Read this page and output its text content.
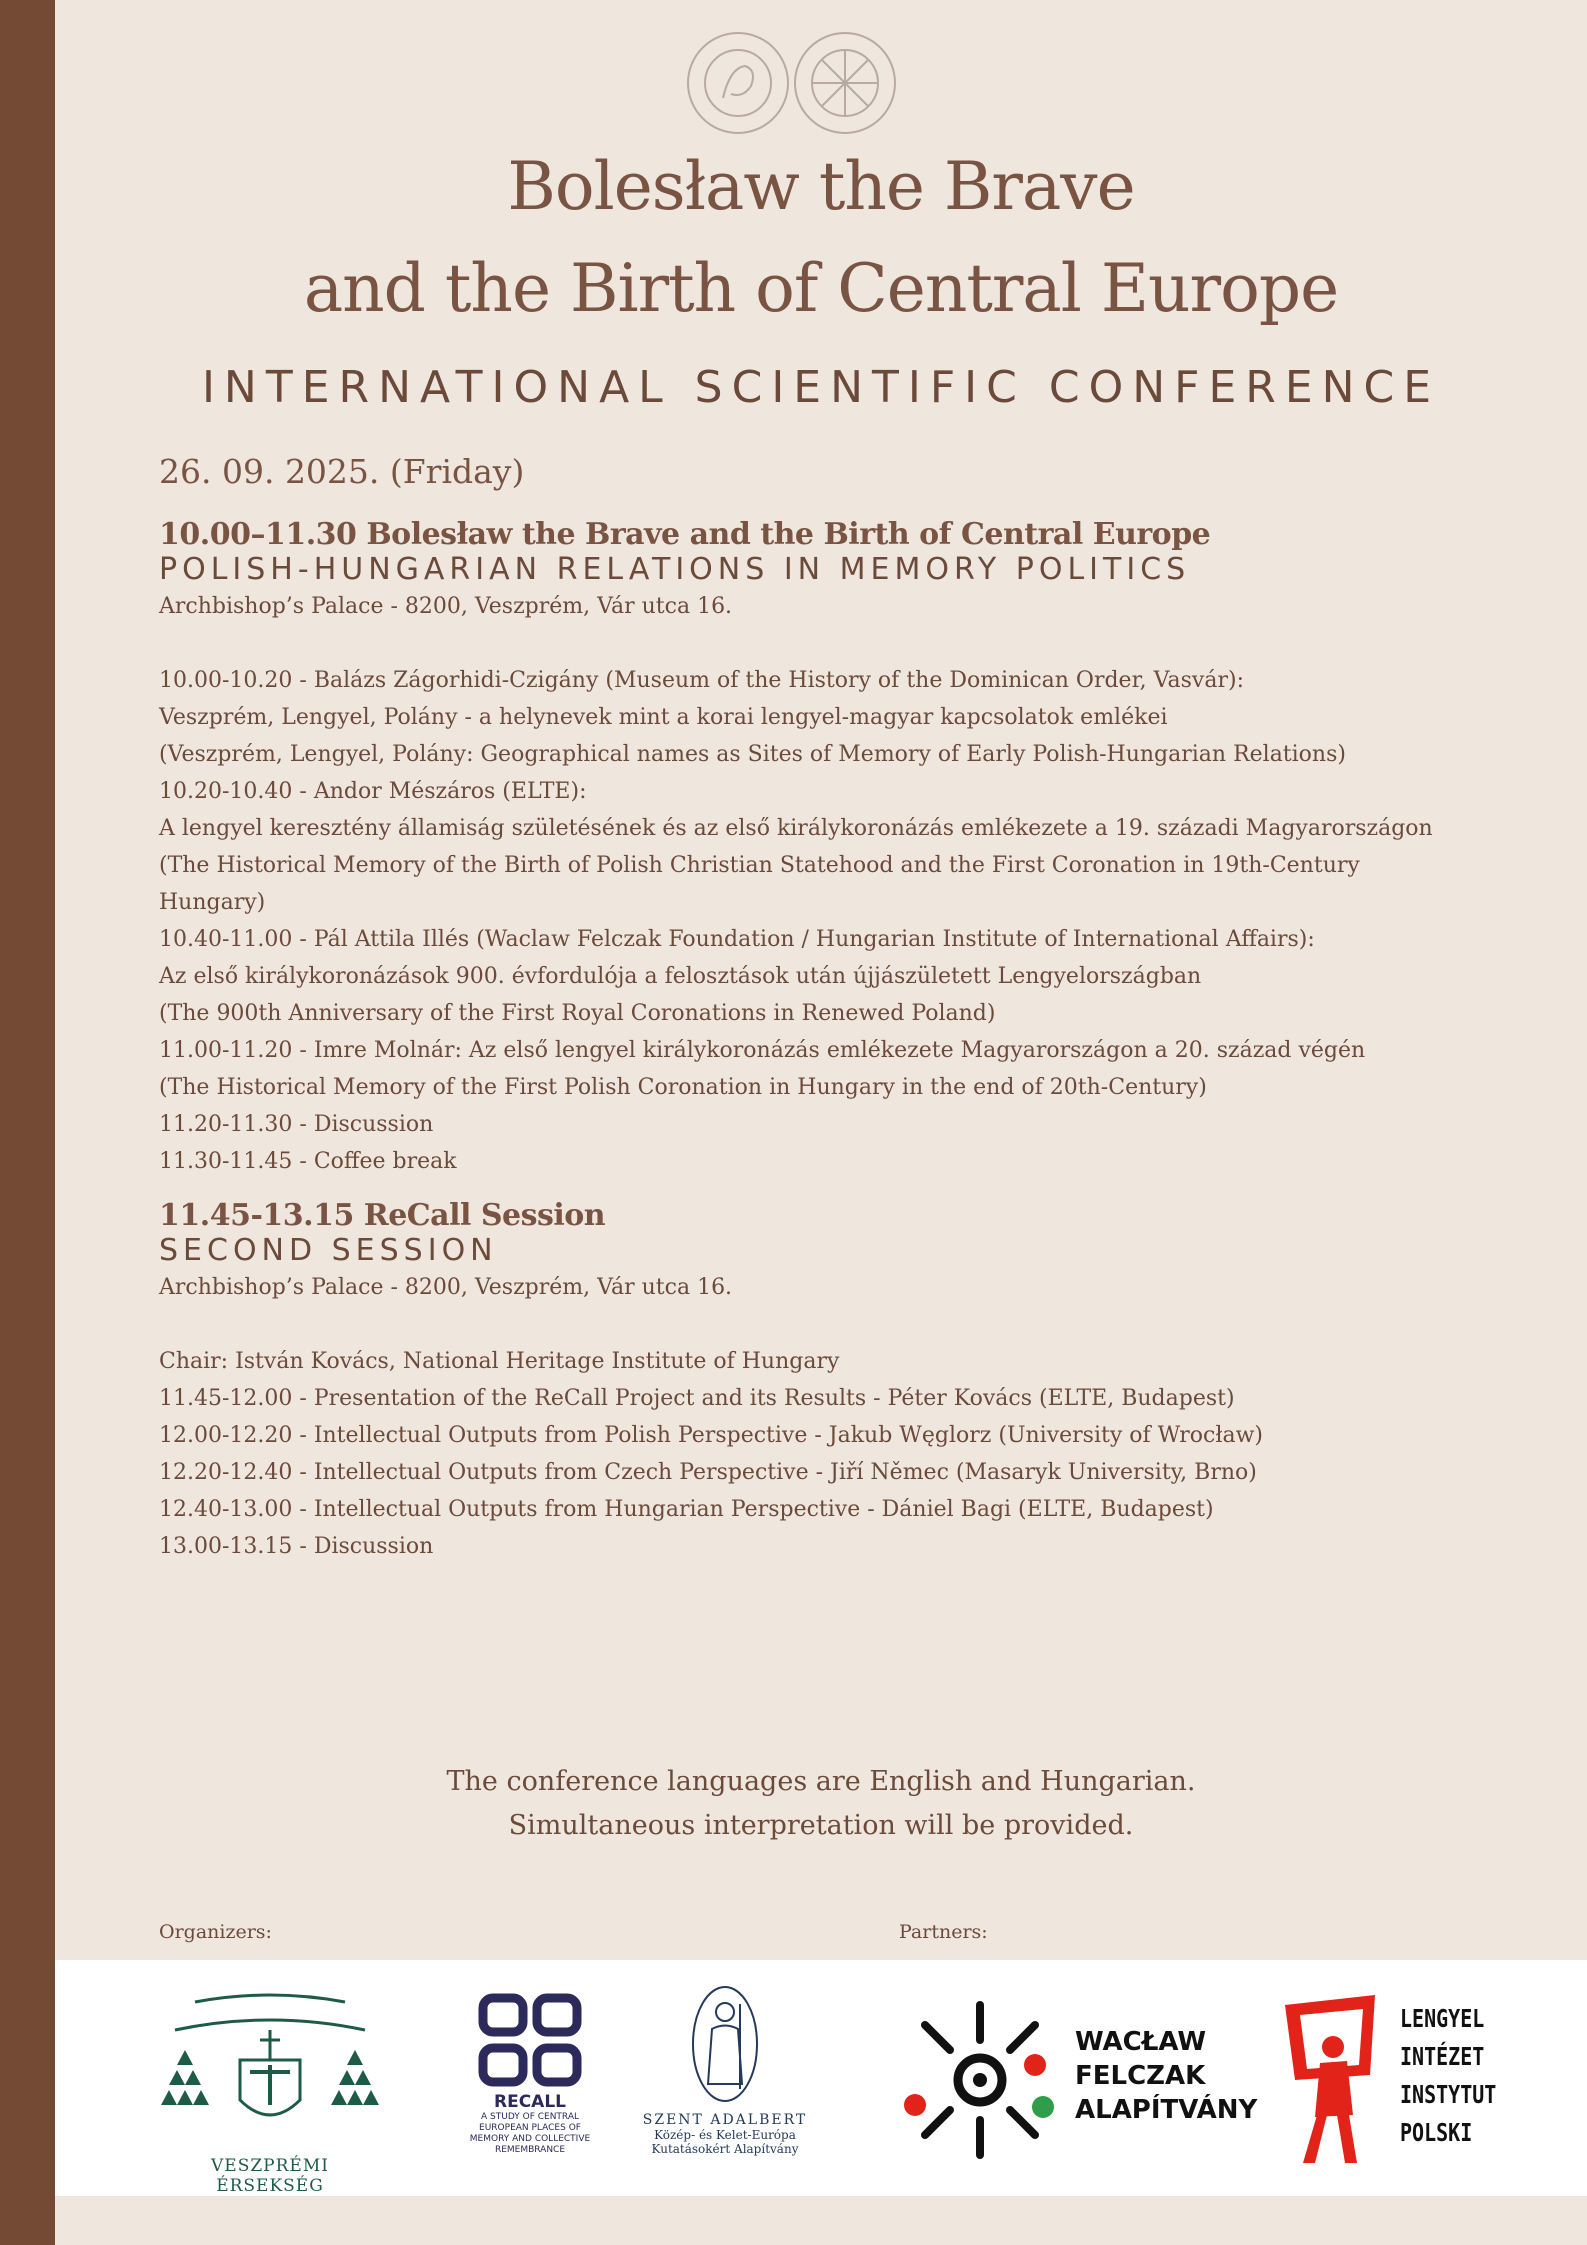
Bolesław the Brave
and the Birth of Central Europe
INTERNATIONAL SCIENTIFIC CONFERENCE
26. 09. 2025. (Friday)
10.00–11.30 Bolesław the Brave and the Birth of Central Europe
POLISH-HUNGARIAN RELATIONS IN MEMORY POLITICS
Archbishop’s Palace - 8200, Veszprém, Vár utca 16.
10.00-10.20 - Balázs Zágorhidi-Czigány (Museum of the History of the Dominican Order, Vasvár):
Veszprém, Lengyel, Polány - a helynevek mint a korai lengyel-magyar kapcsolatok emlékei
(Veszprém, Lengyel, Polány: Geographical names as Sites of Memory of Early Polish-Hungarian Relations)
10.20-10.40 - Andor Mészáros (ELTE):
A lengyel keresztény államiság születésének és az első királykoronázás emlékezete a 19. századi Magyarországon
(The Historical Memory of the Birth of Polish Christian Statehood and the First Coronation in 19th-Century
Hungary)
10.40-11.00 - Pál Attila Illés (Waclaw Felczak Foundation / Hungarian Institute of International Affairs):
Az első királykoronázások 900. évfordulója a felosztások után újjászületett Lengyelországban
(The 900th Anniversary of the First Royal Coronations in Renewed Poland)
11.00-11.20 - Imre Molnár: Az első lengyel királykoronázás emlékezete Magyarországon a 20. század végén
(The Historical Memory of the First Polish Coronation in Hungary in the end of 20th-Century)
11.20-11.30 - Discussion
11.30-11.45 - Coffee break
11.45-13.15 ReCall Session
SECOND SESSION
Archbishop’s Palace - 8200, Veszprém, Vár utca 16.
Chair: István Kovács, National Heritage Institute of Hungary
11.45-12.00 - Presentation of the ReCall Project and its Results - Péter Kovács (ELTE, Budapest)
12.00-12.20 - Intellectual Outputs from Polish Perspective - Jakub Węglorz (University of Wrocław)
12.20-12.40 - Intellectual Outputs from Czech Perspective - Jiří Němec (Masaryk University, Brno)
12.40-13.00 - Intellectual Outputs from Hungarian Perspective - Dániel Bagi (ELTE, Budapest)
13.00-13.15 - Discussion
The conference languages are English and Hungarian.
Simultaneous interpretation will be provided.
Organizers:	Partners:
VESZPRÉMI ÉRSEKSÉG
RECALL
A STUDY OF CENTRAL
EUROPEAN PLACES OF
MEMORY AND COLLECTIVE
REMEMBRANCE
SZENT ADALBERT
Közép- és Kelet-Európa
Kutatásokért Alapítvány
WACŁAW
FELCZAK
ALAPÍTVÁNY
LENGYEL
INTÉZET
INSTYTUT
POLSKI
